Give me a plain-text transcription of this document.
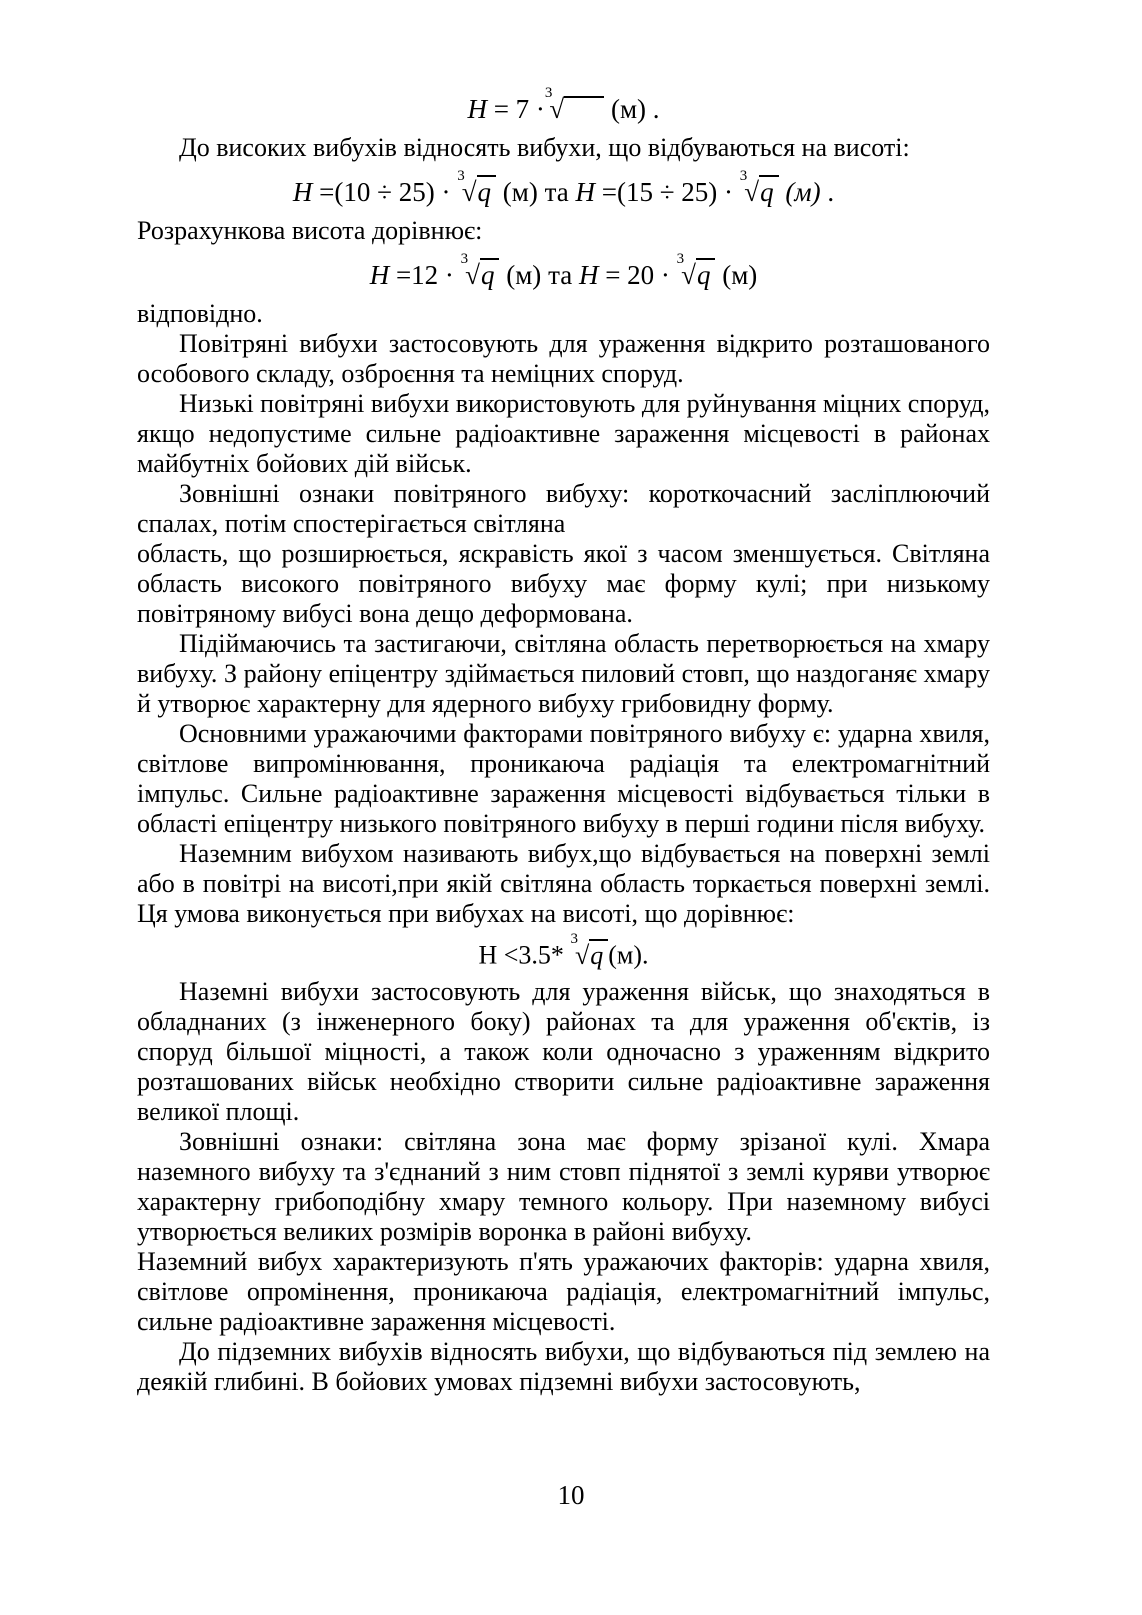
H = 7 ·$^3$√ (м) .

До високих вибухів відносять вибухи, що відбуваються на висоті:

H =(10 ÷ 25) · $^3$√q (м) та H =(15 ÷ 25) · $^3$√q (м) .

Розрахункова висота дорівнює:

H =12 · $^3$√q (м) та H = 20 · $^3$√q (м)

відповідно.

Повітряні вибухи застосовують для ураження відкрито розташованого особового складу, озброєння та неміцних споруд.

Низькі повітряні вибухи використовують для руйнування міцних споруд, якщо недопустиме сильне радіоактивне зараження місцевості в районах майбутніх бойових дій військ.

Зовнішні ознаки повітряного вибуху: короткочасний засліплюючий спалах, потім спостерігається світляна

область, що розширюється, яскравість якої з часом зменшується. Світляна область високого повітряного вибуху має форму кулі; при низькому повітряному вибусі вона дещо деформована.

Підіймаючись та застигаючи, світляна область перетворюється на хмару вибуху. З району епіцентру здіймається пиловий стовп, що наздоганяє хмару й утворює характерну для ядерного вибуху грибовидну форму.

Основними уражаючими факторами повітряного вибуху є: ударна хвиля, світлове випромінювання, проникаюча радіація та електромагнітний імпульс. Сильне радіоактивне зараження місцевості відбувається тільки в області епіцентру низького повітряного вибуху в перші години після вибуху.

Наземним вибухом називають вибух,що відбувається на поверхні землі або в повітрі на висоті,при якій світляна область торкається поверхні землі. Ця умова виконується при вибухах на висоті, що дорівнює:

Н <3.5* $^3$√q (м).

Наземні вибухи застосовують для ураження військ, що знаходяться в обладнаних (з інженерного боку) районах та для ураження об'єктів, із споруд більшої міцності, а також коли одночасно з ураженням відкрито розташованих військ необхідно створити сильне радіоактивне зараження великої площі.

Зовнішні ознаки: світляна зона має форму зрізаної кулі. Хмара наземного вибуху та з'єднаний з ним стовп піднятої з землі куряви утворює характерну грибоподібну хмару темного кольору. При наземному вибусі утворюється великих розмірів воронка в районі вибуху.

Наземний вибух характеризують п'ять уражаючих факторів: ударна хвиля, світлове опромінення, проникаюча радіація, електромагнітний імпульс, сильне радіоактивне зараження місцевості.

До підземних вибухів відносять вибухи, що відбуваються під землею на деякій глибині. В бойових умовах підземні вибухи застосовують,

10
